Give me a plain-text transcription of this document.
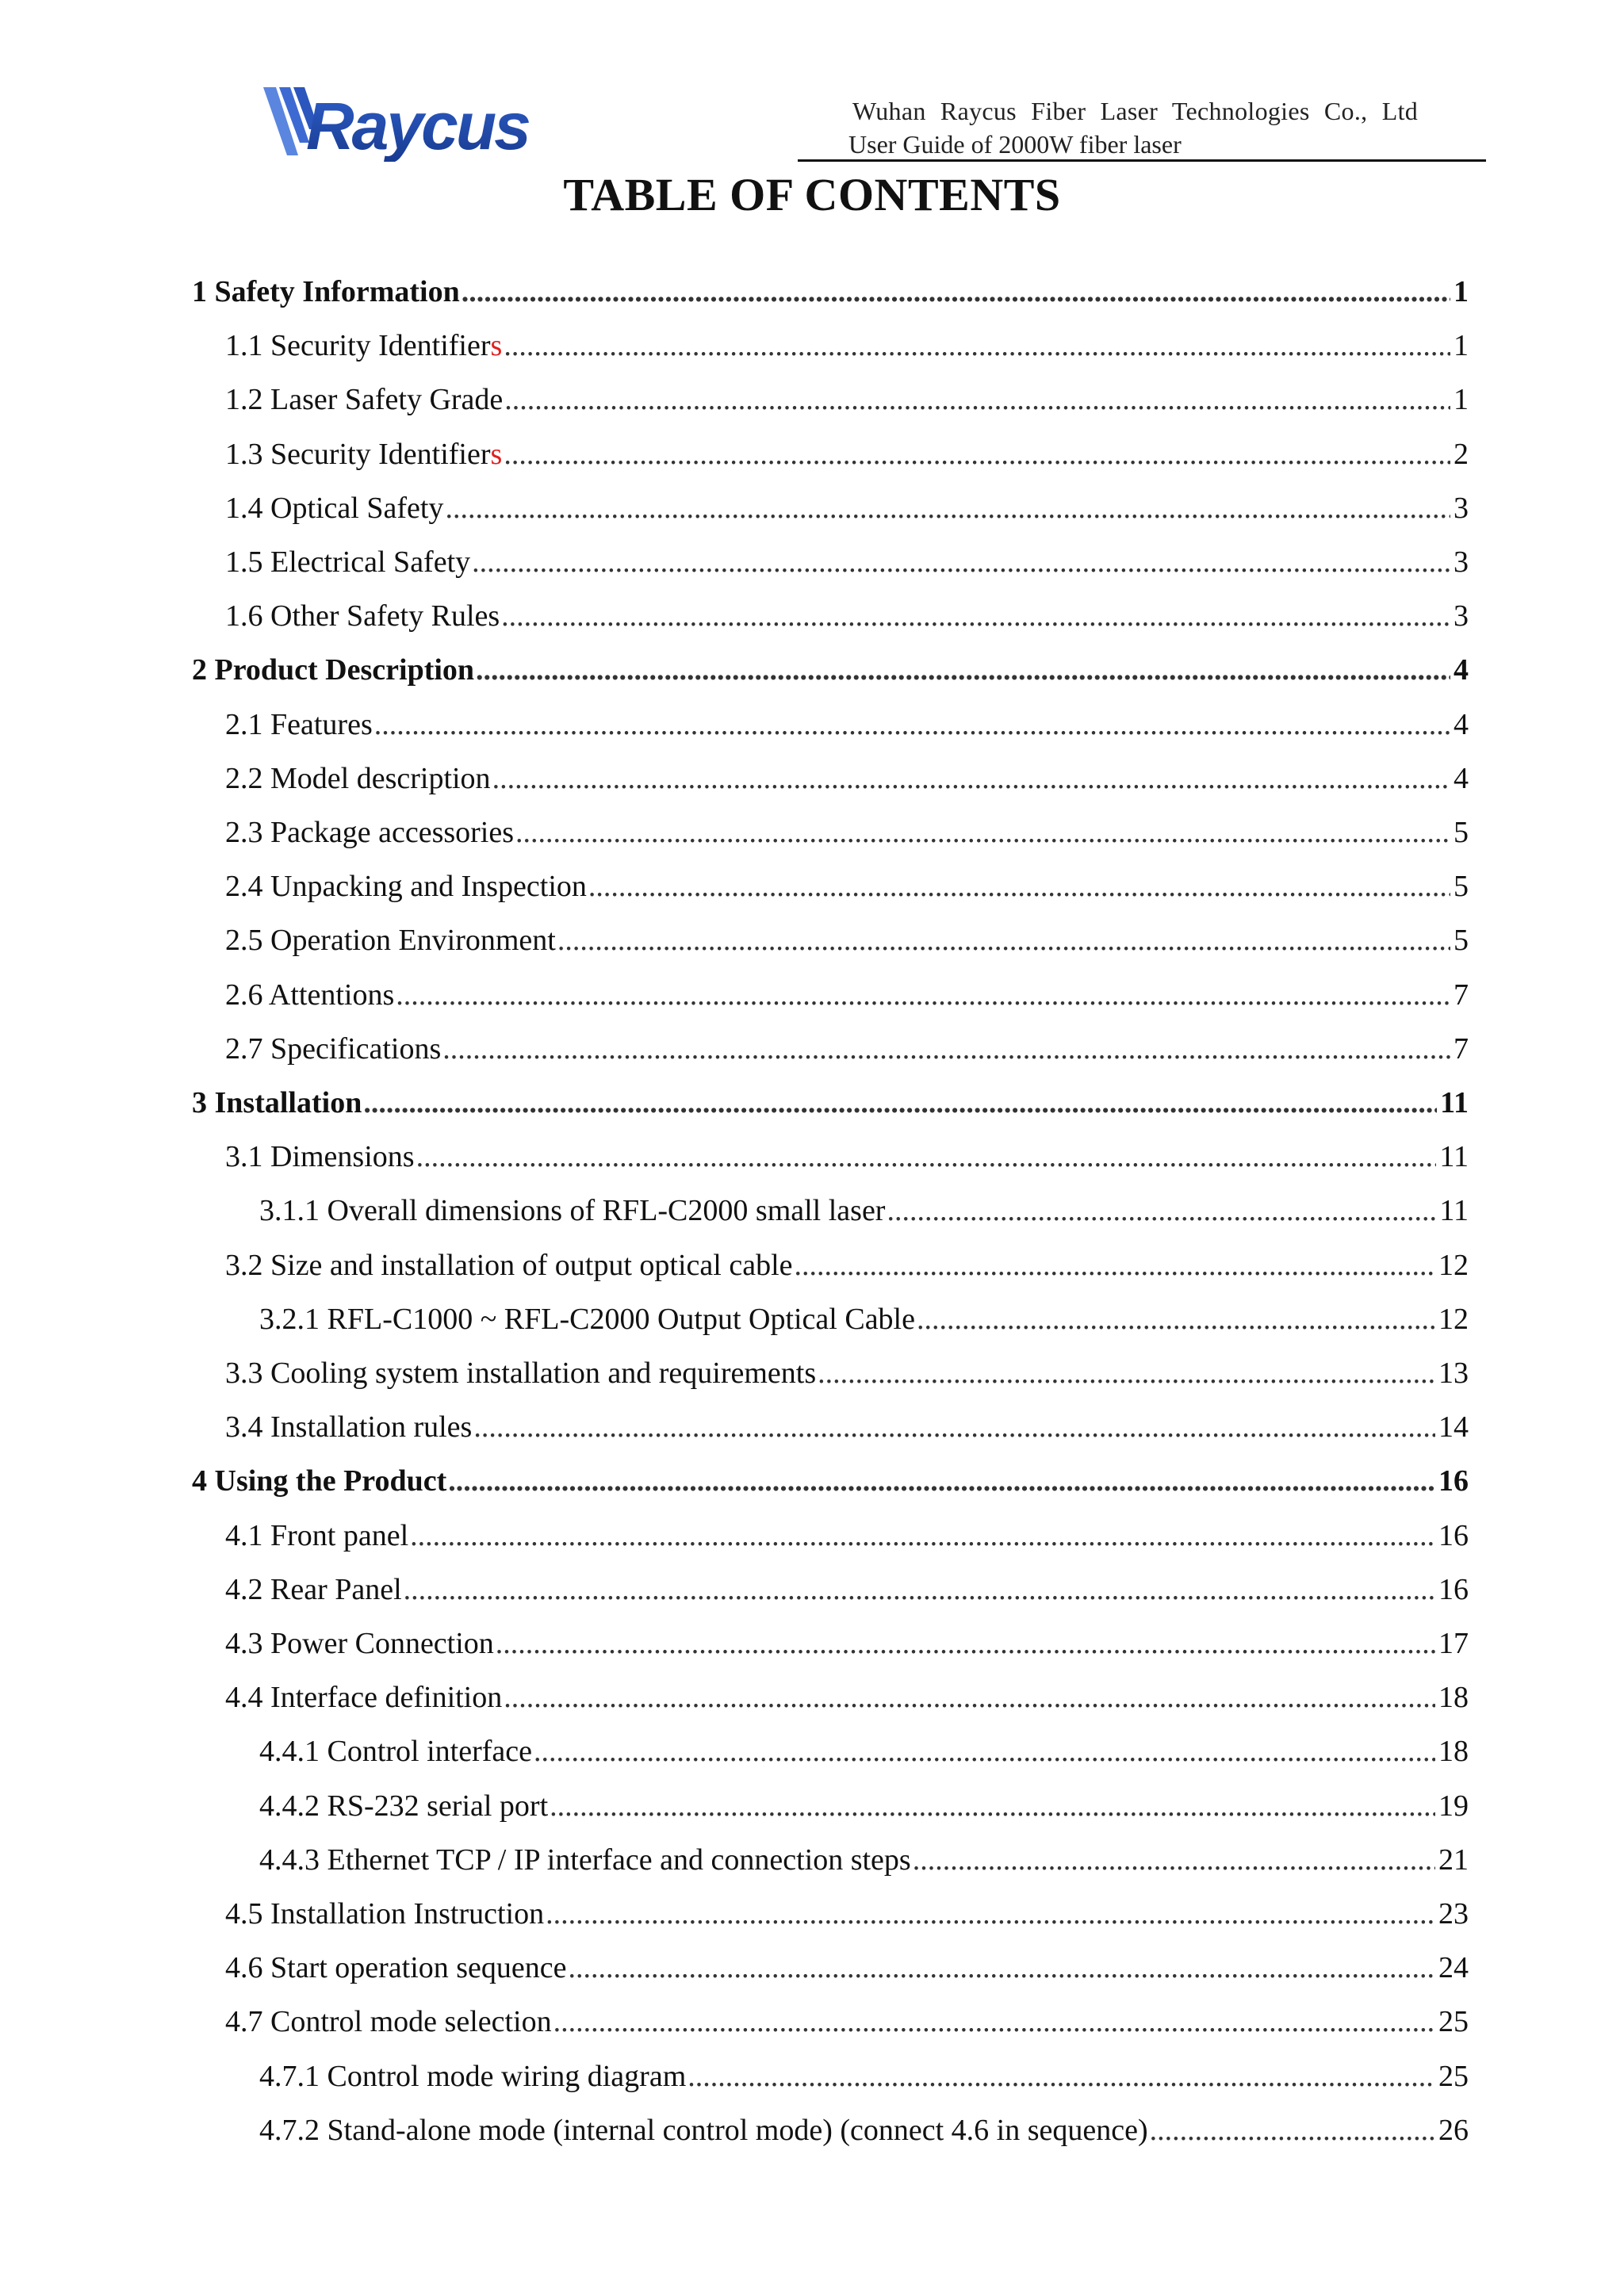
Raycus	Wuhan Raycus Fiber Laser Technologies Co., Ltd
User Guide of 2000W fiber laser
TABLE OF CONTENTS
1 Safety Information .....	1
1.1 Security Identifiers .....	1
1.2 Laser Safety Grade .....	1
1.3 Security Identifiers .....	2
1.4 Optical Safety .....	3
1.5 Electrical Safety .....	3
1.6 Other Safety Rules .....	3
2 Product Description .....	4
2.1 Features .....	4
2.2 Model description .....	4
2.3 Package accessories .....	5
2.4 Unpacking and Inspection .....	5
2.5 Operation Environment .....	5
2.6 Attentions .....	7
2.7 Specifications .....	7
3 Installation .....	11
3.1 Dimensions .....	11
3.1.1 Overall dimensions of RFL-C2000 small laser .....	11
3.2 Size and installation of output optical cable .....	12
3.2.1 RFL-C1000 ~ RFL-C2000 Output Optical Cable .....	12
3.3 Cooling system installation and requirements .....	13
3.4 Installation rules .....	14
4 Using the Product .....	16
4.1 Front panel .....	16
4.2 Rear Panel .....	16
4.3 Power Connection .....	17
4.4 Interface definition .....	18
4.4.1 Control interface .....	18
4.4.2 RS-232 serial port .....	19
4.4.3 Ethernet TCP / IP interface and connection steps .....	21
4.5 Installation Instruction .....	23
4.6 Start operation sequence .....	24
4.7 Control mode selection .....	25
4.7.1 Control mode wiring diagram .....	25
4.7.2 Stand-alone mode (internal control mode) (connect 4.6 in sequence) .....	26
